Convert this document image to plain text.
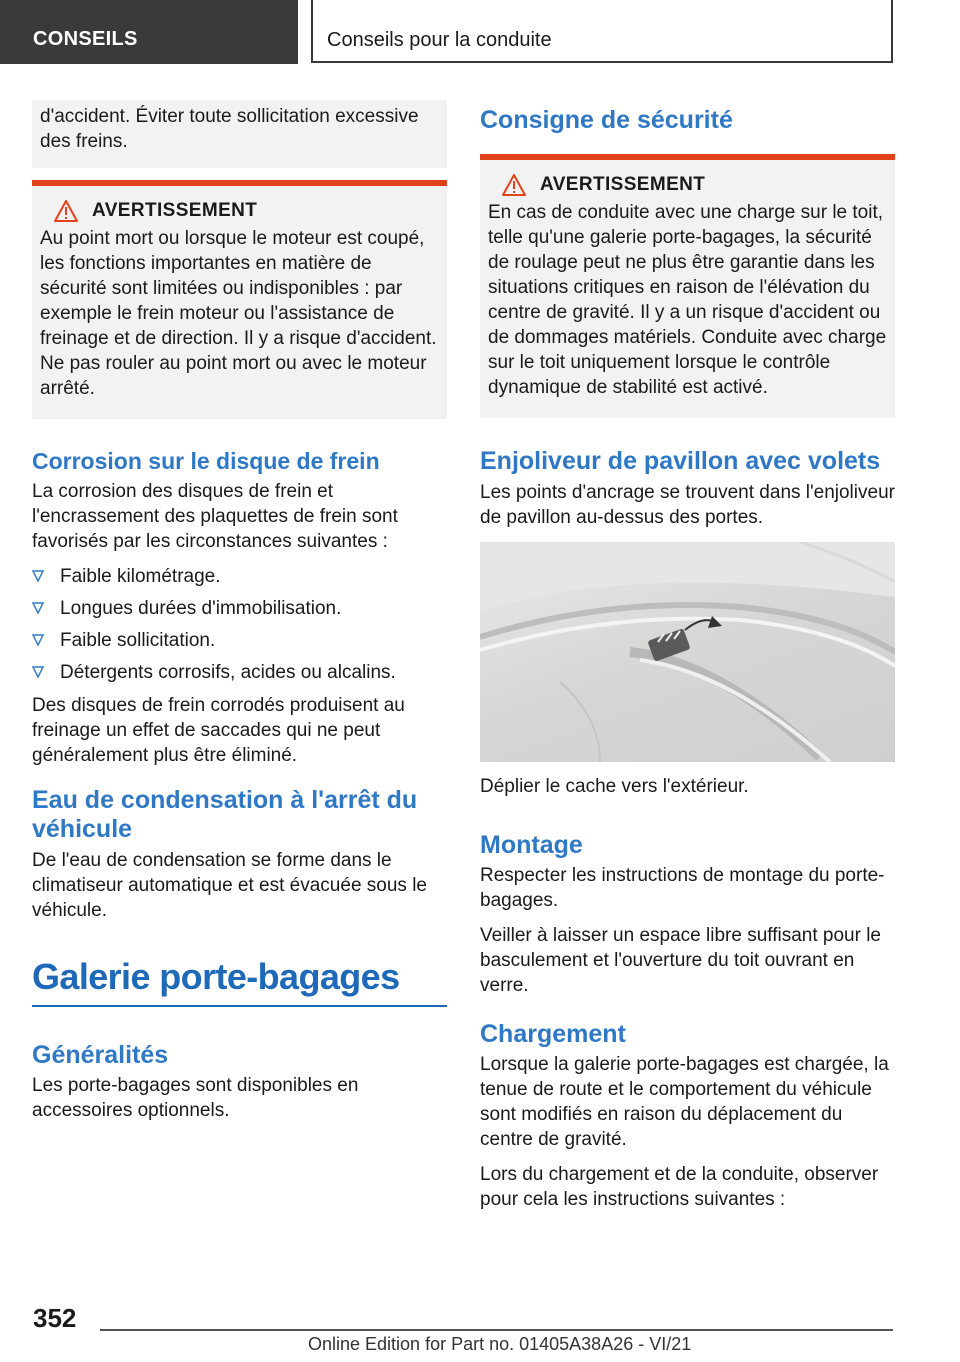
CONSEILS	Conseils pour la conduite

d'accident. Éviter toute sollicitation excessive des freins.

AVERTISSEMENT

Au point mort ou lorsque le moteur est coupé, les fonctions importantes en matière de sécurité sont limitées ou indisponibles : par exemple le frein moteur ou l'assistance de freinage et de direction. Il y a risque d'accident. Ne pas rouler au point mort ou avec le moteur arrêté.

Corrosion sur le disque de frein

La corrosion des disques de frein et l'encrassement des plaquettes de frein sont favorisés par les circonstances suivantes :

Faible kilométrage.
Longues durées d'immobilisation.
Faible sollicitation.
Détergents corrosifs, acides ou alcalins.

Des disques de frein corrodés produisent au freinage un effet de saccades qui ne peut généralement plus être éliminé.

Eau de condensation à l'arrêt du véhicule

De l'eau de condensation se forme dans le climatiseur automatique et est évacuée sous le véhicule.

Galerie porte-bagages
Généralités

Les porte-bagages sont disponibles en accessoires optionnels.

Consigne de sécurité
AVERTISSEMENT

En cas de conduite avec une charge sur le toit, telle qu'une galerie porte-bagages, la sécurité de roulage peut ne plus être garantie dans les situations critiques en raison de l'élévation du centre de gravité. Il y a un risque d'accident ou de dommages matériels. Conduite avec charge sur le toit uniquement lorsque le contrôle dynamique de stabilité est activé.

Enjoliveur de pavillon avec volets

Les points d'ancrage se trouvent dans l'enjoliveur de pavillon au-dessus des portes.

Déplier le cache vers l'extérieur.

Montage

Respecter les instructions de montage du porte-bagages.

Veiller à laisser un espace libre suffisant pour le basculement et l'ouverture du toit ouvrant en verre.

Chargement

Lorsque la galerie porte-bagages est chargée, la tenue de route et le comportement du véhicule sont modifiés en raison du déplacement du centre de gravité.

Lors du chargement et de la conduite, observer pour cela les instructions suivantes :

352
Online Edition for Part no. 01405A38A26 - VI/21
